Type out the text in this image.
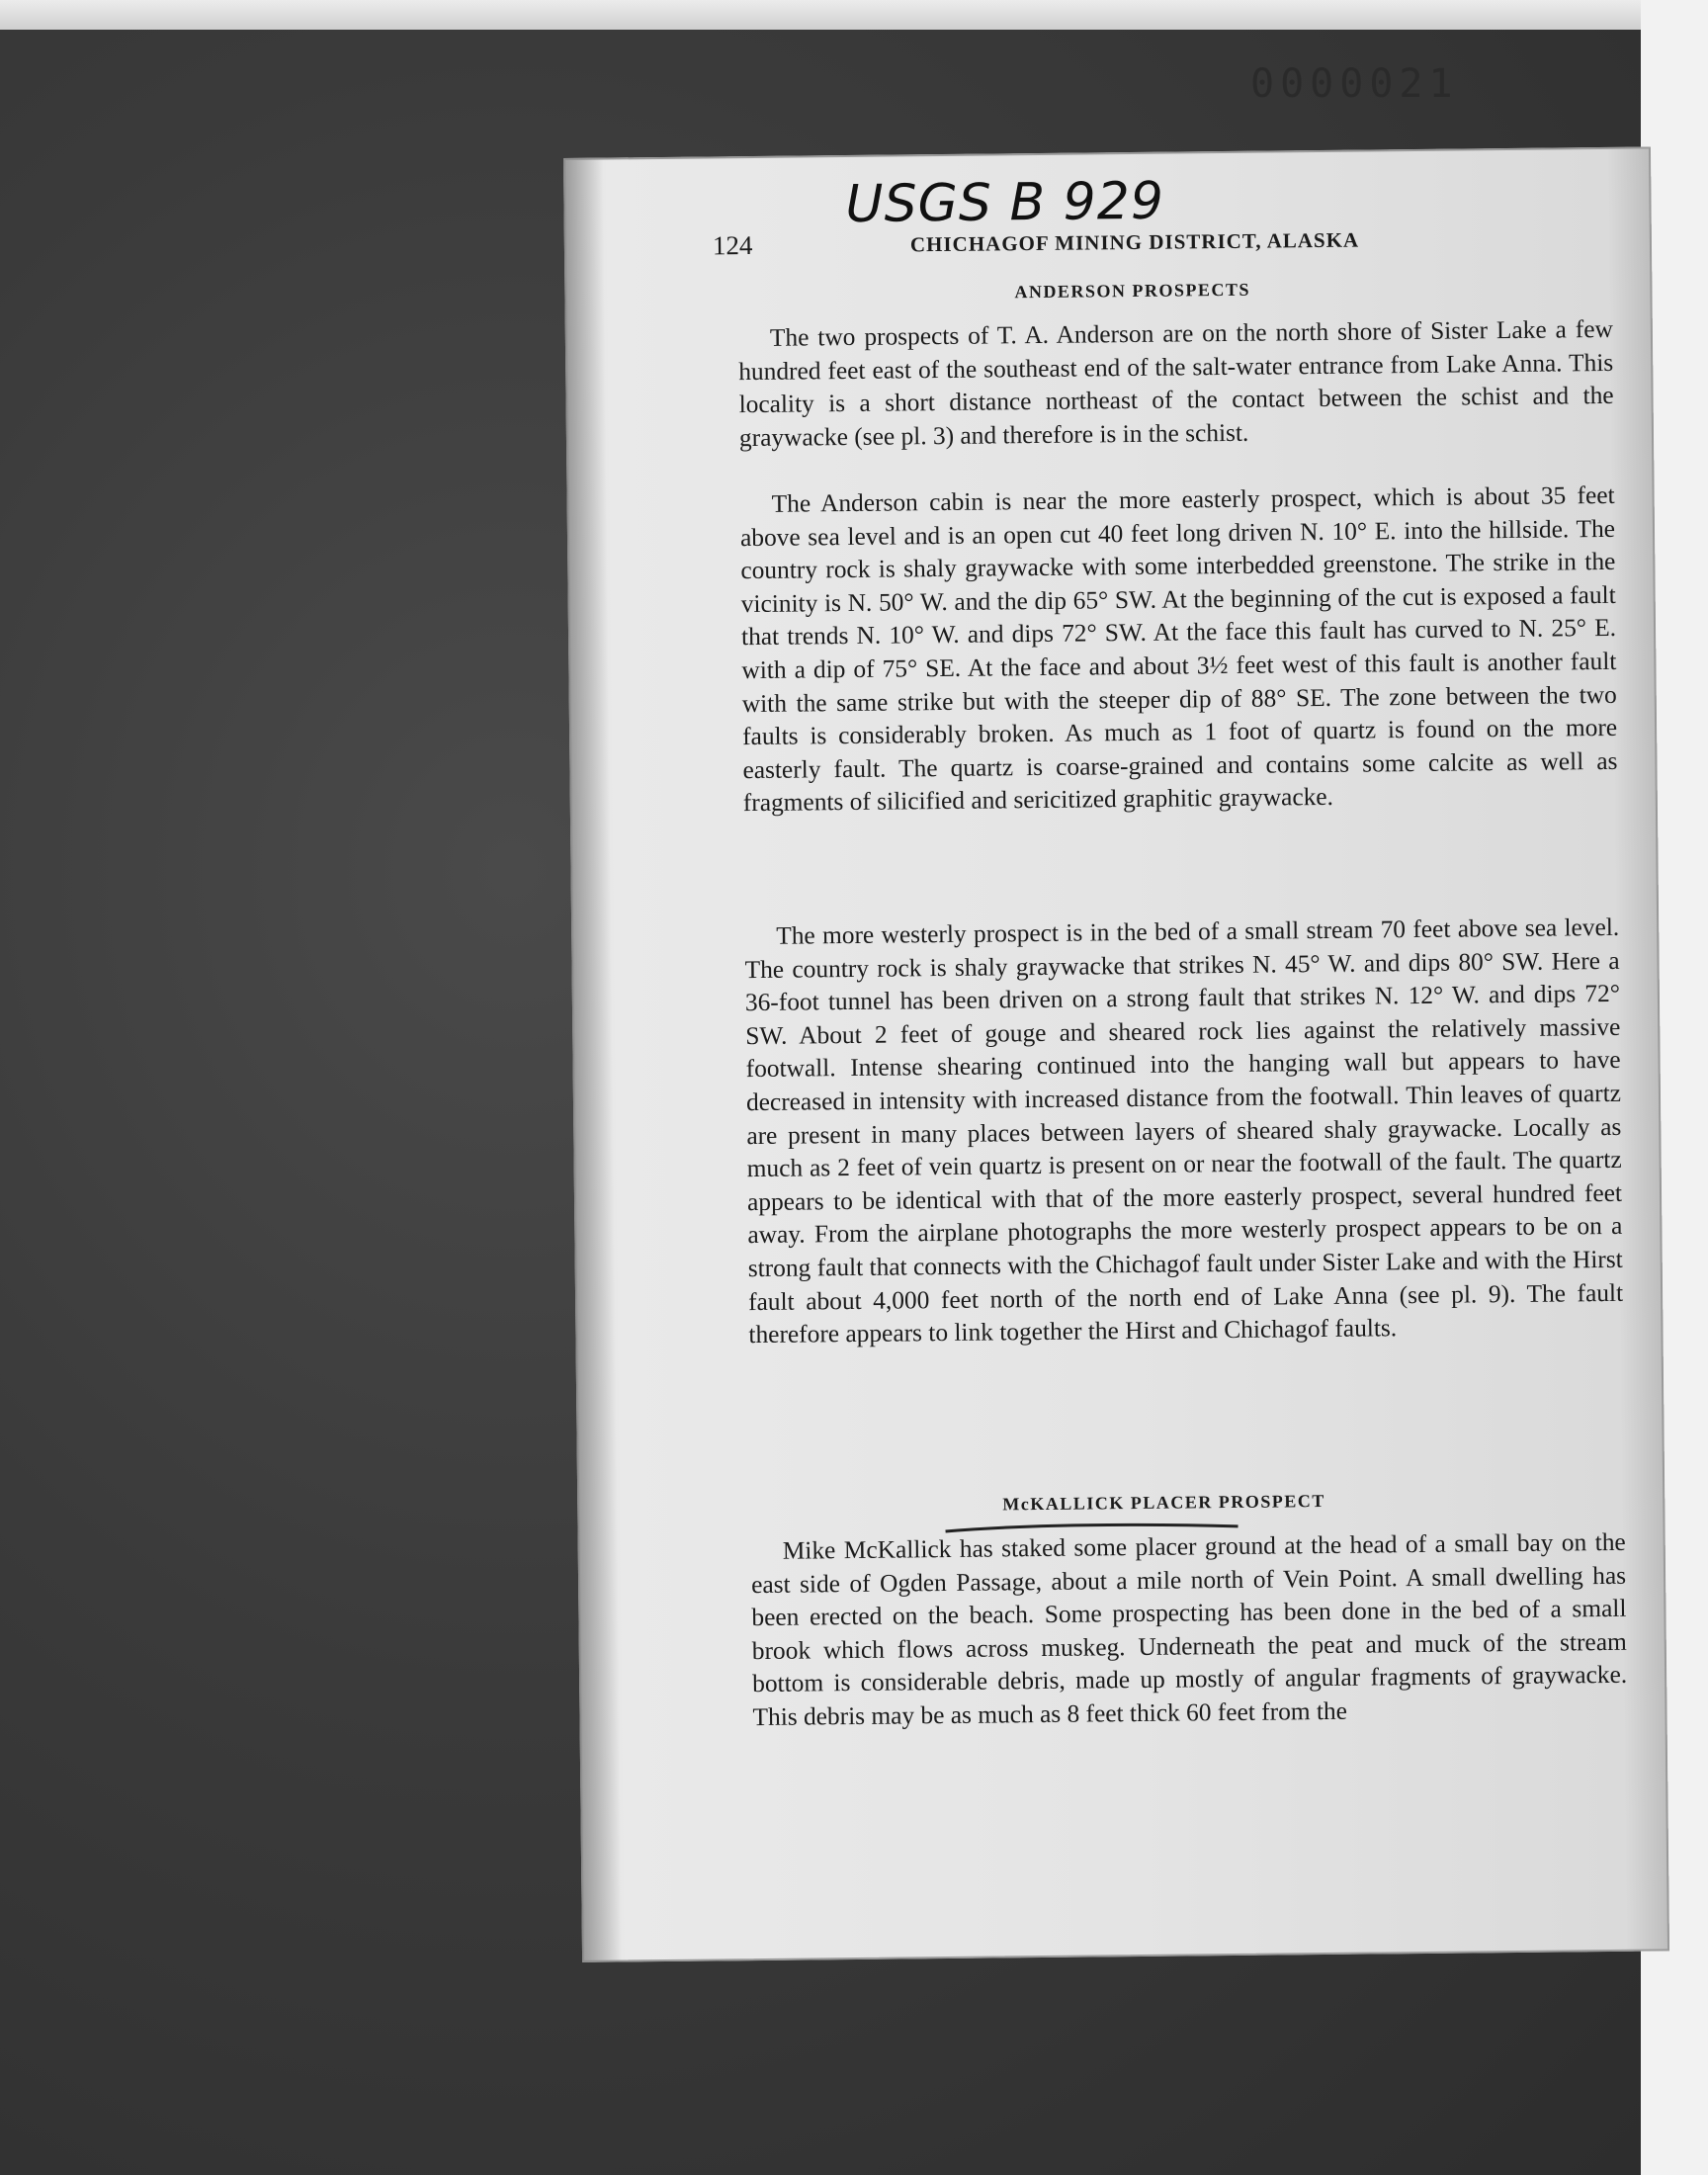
0000021
USGS B 929
124	CHICHAGOF MINING DISTRICT, ALASKA
ANDERSON PROSPECTS

The two prospects of T. A. Anderson are on the north shore of Sister Lake a few hundred feet east of the southeast end of the salt-water entrance from Lake Anna. This locality is a short distance northeast of the contact between the schist and the graywacke (see pl. 3) and therefore is in the schist.

The Anderson cabin is near the more easterly prospect, which is about 35 feet above sea level and is an open cut 40 feet long driven N. 10° E. into the hillside. The country rock is shaly graywacke with some interbedded greenstone. The strike in the vicinity is N. 50° W. and the dip 65° SW. At the beginning of the cut is exposed a fault that trends N. 10° W. and dips 72° SW. At the face this fault has curved to N. 25° E. with a dip of 75° SE. At the face and about 3½ feet west of this fault is another fault with the same strike but with the steeper dip of 88° SE. The zone between the two faults is considerably broken. As much as 1 foot of quartz is found on the more easterly fault. The quartz is coarse-grained and contains some calcite as well as fragments of silicified and sericitized graphitic graywacke.

The more westerly prospect is in the bed of a small stream 70 feet above sea level. The country rock is shaly graywacke that strikes N. 45° W. and dips 80° SW. Here a 36-foot tunnel has been driven on a strong fault that strikes N. 12° W. and dips 72° SW. About 2 feet of gouge and sheared rock lies against the relatively massive footwall. Intense shearing continued into the hanging wall but appears to have decreased in intensity with increased distance from the footwall. Thin leaves of quartz are present in many places between layers of sheared shaly graywacke. Locally as much as 2 feet of vein quartz is present on or near the footwall of the fault. The quartz appears to be identical with that of the more easterly prospect, several hundred feet away. From the airplane photographs the more westerly prospect appears to be on a strong fault that connects with the Chichagof fault under Sister Lake and with the Hirst fault about 4,000 feet north of the north end of Lake Anna (see pl. 9). The fault therefore appears to link together the Hirst and Chichagof faults.

McKALLICK PLACER PROSPECT

Mike McKallick has staked some placer ground at the head of a small bay on the east side of Ogden Passage, about a mile north of Vein Point. A small dwelling has been erected on the beach. Some prospecting has been done in the bed of a small brook which flows across muskeg. Underneath the peat and muck of the stream bottom is considerable debris, made up mostly of angular fragments of graywacke. This debris may be as much as 8 feet thick 60 feet from the
